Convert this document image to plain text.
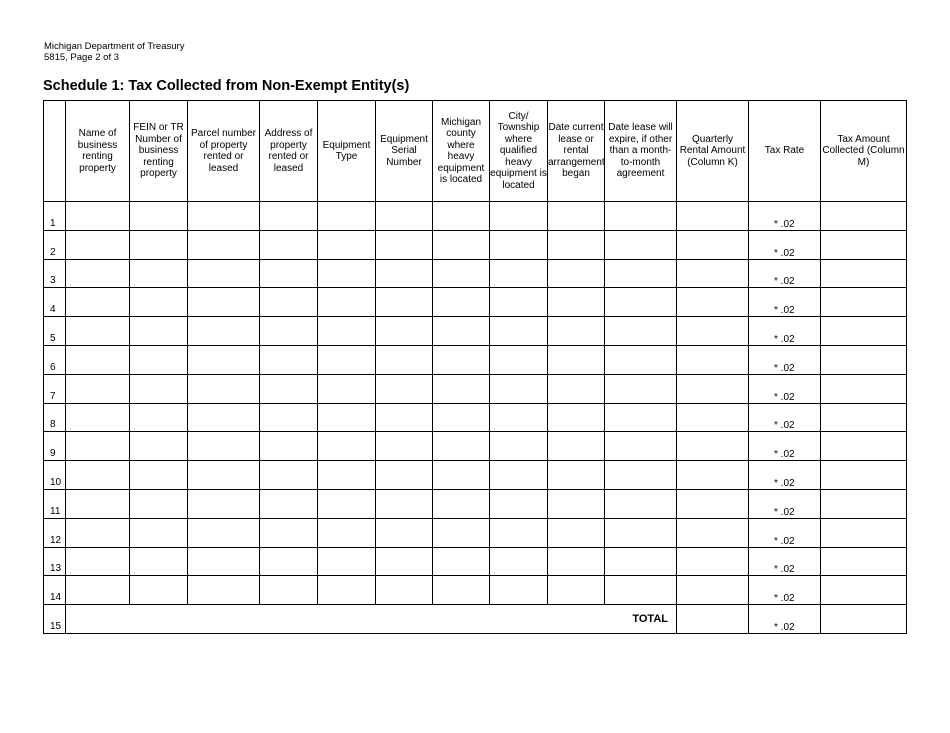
Michigan Department of Treasury
5815, Page 2 of 3
Schedule 1: Tax Collected from Non-Exempt Entity(s)
	Name of business renting property	FEIN or TR Number of business renting property	Parcel number of property rented or leased	Address of property rented or leased	Equipment Type	Equipment Serial Number	Michigan county where heavy equipment is located	City/ Township where qualified heavy equipment is located	Date current lease or rental arrangement began	Date lease will expire, if other than a month-to-month agreement	Quarterly Rental Amount (Column K)	Tax Rate	Tax Amount Collected (Column M)

1												* .02	

2												* .02	

3												* .02	

4												* .02	

5												* .02	

6												* .02	

7												* .02	

8												* .02	

9												* .02	

10												* .02	

11												* .02	

12												* .02	

13												* .02	

14												* .02	

15	TOTAL											* .02	
